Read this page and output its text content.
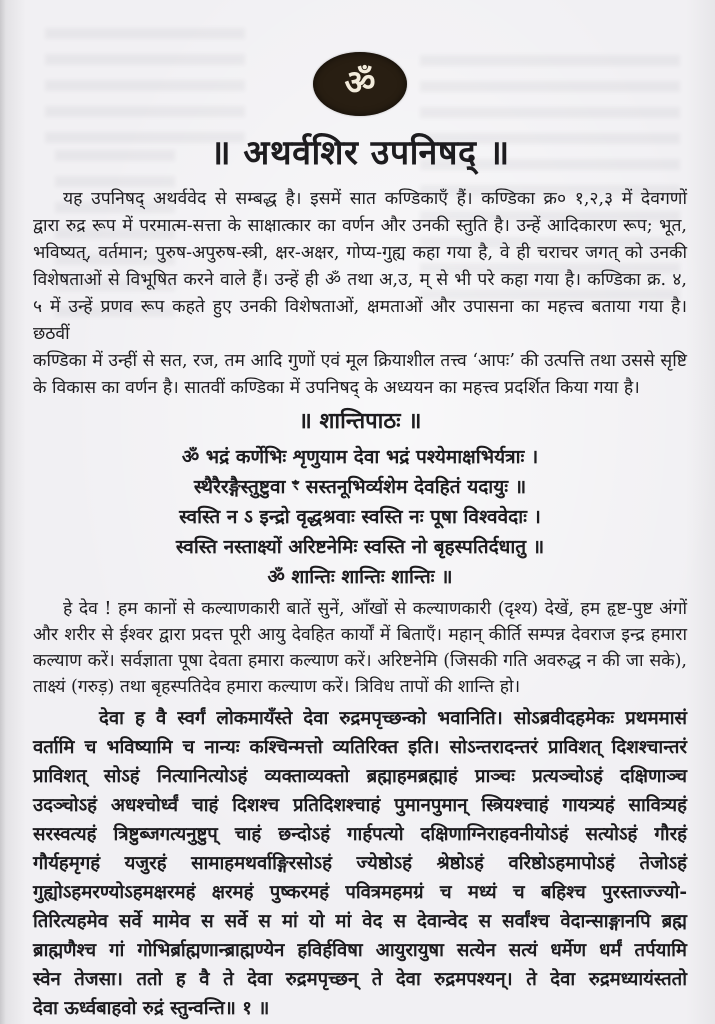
ॐ
॥ अथर्वशिर उपनिषद् ॥
यह उपनिषद् अथर्ववेद से सम्बद्ध है। इसमें सात कण्डिकाएँ हैं। कण्डिका क्र० १,२,३ में देवगणों
द्वारा रुद्र रूप में परमात्म-सत्ता के साक्षात्कार का वर्णन और उनकी स्तुति है। उन्हें आदिकारण रूप; भूत,
भविष्यत्, वर्तमान; पुरुष-अपुरुष-स्त्री, क्षर-अक्षर, गोप्य-गुह्य कहा गया है, वे ही चराचर जगत् को उनकी
विशेषताओं से विभूषित करने वाले हैं। उन्हें ही ॐ तथा अ,उ, म् से भी परे कहा गया है। कण्डिका क्र. ४,
५ में उन्हें प्रणव रूप कहते हुए उनकी विशेषताओं, क्षमताओं और उपासना का महत्त्व बताया गया है। छठवीं
कण्डिका में उन्हीं से सत, रज, तम आदि गुणों एवं मूल क्रियाशील तत्त्व ‘आपः’ की उत्पत्ति तथा उससे सृष्टि
के विकास का वर्णन है। सातवीं कण्डिका में उपनिषद् के अध्ययन का महत्त्व प्रदर्शित किया गया है।
॥ शान्तिपाठः ॥
ॐ भद्रं कर्णेभिः शृणुयाम देवा भद्रं पश्येमाक्षभिर्यत्राः ।
स्थैरैरङ्गैस्तुष्टुवा ꣳ सस्तनूभिर्व्यशेम देवहितं यदायुः ॥
स्वस्ति न ऽ इन्द्रो वृद्धश्रवाः स्वस्ति नः पूषा विश्ववेदाः ।
स्वस्ति नस्ताक्ष्यों अरिष्टनेमिः स्वस्ति नो बृहस्पतिर्दधातु ॥
ॐ शान्तिः शान्तिः शान्तिः ॥
हे देव ! हम कानों से कल्याणकारी बातें सुनें, आँखों से कल्याणकारी (दृश्य) देखें, हम हृष्ट-पुष्ट अंगों
और शरीर से ईश्वर द्वारा प्रदत्त पूरी आयु देवहित कार्यों में बिताएँ। महान् कीर्ति सम्पन्न देवराज इन्द्र हमारा
कल्याण करें। सर्वज्ञाता पूषा देवता हमारा कल्याण करें। अरिष्टनेमि (जिसकी गति अवरुद्ध न की जा सके),
ताक्ष्यं (गरुड़) तथा बृहस्पतिदेव हमारा कल्याण करें। त्रिविध तापों की शान्ति हो।
देवा ह वै स्वर्गं लोकमायँस्ते देवा रुद्रमपृच्छन्को भवानिति। सोऽब्रवीदहमेकः प्रथममासं
वर्तामि च भविष्यामि च नान्यः कश्चिन्मत्तो व्यतिरिक्त इति। सोऽन्तरादन्तरं प्राविशत् दिशश्चान्तरं
प्राविशत् सोऽहं नित्यानित्योऽहं व्यक्ताव्यक्तो ब्रह्माहमब्रह्माहं प्राञ्चः प्रत्यञ्चोऽहं दक्षिणाञ्च
उदञ्चोऽहं अधश्चोर्ध्वं चाहं दिशश्च प्रतिदिशश्चाहं पुमानपुमान् स्त्रियश्चाहं गायत्र्यहं सावित्र्यहं
सरस्वत्यहं त्रिष्टुब्जगत्यनुष्टुप् चाहं छन्दोऽहं गार्हपत्यो दक्षिणाग्निराहवनीयोऽहं सत्योऽहं गौरहं
गौर्यहमृगहं यजुरहं सामाहमथर्वाङ्गिरसोऽहं ज्येष्ठोऽहं श्रेष्ठोऽहं वरिष्ठोऽहमापोऽहं तेजोऽहं
गुह्योऽहमरण्योऽहमक्षरमहं क्षरमहं पुष्करमहं पवित्रमहमग्रं च मध्यं च बहिश्च पुरस्ताज्ज्यो-
तिरित्यहमेव सर्वे मामेव स सर्वे स मां यो मां वेद स देवान्वेद स सर्वांश्च वेदान्साङ्गानपि ब्रह्म
ब्राह्मणैश्च गां गोभिर्ब्राह्मणान्ब्राह्मण्येन हविर्हविषा आयुरायुषा सत्येन सत्यं धर्मेण धर्मं तर्पयामि
स्वेन तेजसा। ततो ह वै ते देवा रुद्रमपृच्छन् ते देवा रुद्रमपश्यन्। ते देवा रुद्रमध्यायंस्ततो
देवा ऊर्ध्वबाहवो रुद्रं स्तुन्वन्ति॥ १ ॥
